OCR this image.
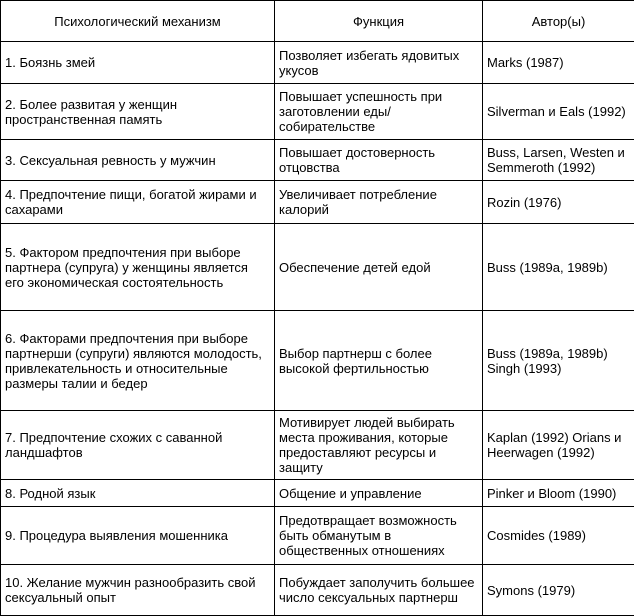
Психологический механизм	Функция	Автор(ы)
1. Боязнь змей	Позволяет избегать ядовитых укусов	Marks (1987)
2. Более развитая у женщин пространственная память	Повышает успешность при заготовлении еды/собирательстве	Silverman и Eals (1992)
3. Сексуальная ревность у мужчин	Повышает достоверность отцовства	Buss, Larsen, Westen и Semmeroth (1992)
4. Предпочтение пищи, богатой жирами и сахарами	Увеличивает потребление калорий	Rozin (1976)
5. Фактором предпочтения при выборе партнера (супруга) у женщины является его экономическая состоятельность	Обеспечение детей едой	Buss (1989а, 1989b)
6. Факторами предпочтения при выборе партнерши (супруги) являются молодость, привлекательность и относительные размеры талии и бедер	Выбор партнерш с более высокой фертильностью	Buss (1989а, 1989b) Singh (1993)
7. Предпочтение схожих с саванной ландшафтов	Мотивирует людей выбирать места проживания, которые предоставляют ресурсы и защиту	Kaplan (1992) Orians и Heerwagen (1992)
8. Родной язык	Общение и управление	Pinker и Bloom (1990)
9. Процедура выявления мошенника	Предотвращает возможность быть обманутым в общественных отношениях	Cosmides (1989)
10. Желание мужчин разнообразить свой сексуальный опыт	Побуждает заполучить большее число сексуальных партнерш	Symons (1979)
